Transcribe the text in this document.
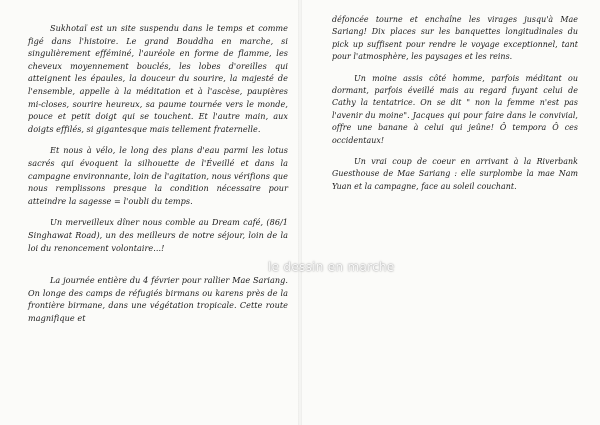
Sukhotaï est un site suspendu dans le temps et comme figé dans l'histoire. Le grand Bouddha en marche, si singulièrement efféminé, l'auréole en forme de flamme, les cheveux moyennement bouclés, les lobes d'oreilles qui atteignent les épaules, la douceur du sourire, la majesté de l'ensemble, appelle à la méditation et à l'ascèse, paupières mi-closes, sourire heureux, sa paume tournée vers le monde, pouce et petit doigt qui se touchent. Et l'autre main, aux doigts effilés, si gigantesque mais tellement fraternelle.

Et nous à vélo, le long des plans d'eau parmi les lotus sacrés qui évoquent la silhouette de l'Éveillé et dans la campagne environnante, loin de l'agitation, nous vérifions que nous remplissons presque la condition nécessaire pour atteindre la sagesse = l'oubli du temps.

Un merveilleux dîner nous comble au Dream café, (86/1 Singhawat Road), un des meilleurs de notre séjour, loin de la loi du renoncement volontaire...!

La journée entière du 4 février pour rallier Mae Sariang. On longe des camps de réfugiés birmans ou karens près de la frontière birmane, dans une végétation tropicale. Cette route magnifique et

défoncée tourne et enchaîne les virages jusqu'à Mae Sariang! Dix places sur les banquettes longitudinales du pick up suffisent pour rendre le voyage exceptionnel, tant pour l'atmosphère, les paysages et les reins.

Un moine assis côté homme, parfois méditant ou dormant, parfois éveillé mais au regard fuyant celui de Cathy la tentatrice. On se dit " non la femme n'est pas l'avenir du moine". Jacques qui pour faire dans le convivial, offre une banane à celui qui jeûne! Ô tempora Ô ces occidentaux!

Un vrai coup de coeur en arrivant à la Riverbank Guesthouse de Mae Sariang : elle surplombe la mae Nam Yuan et la campagne, face au soleil couchant.

le dessin en marche
